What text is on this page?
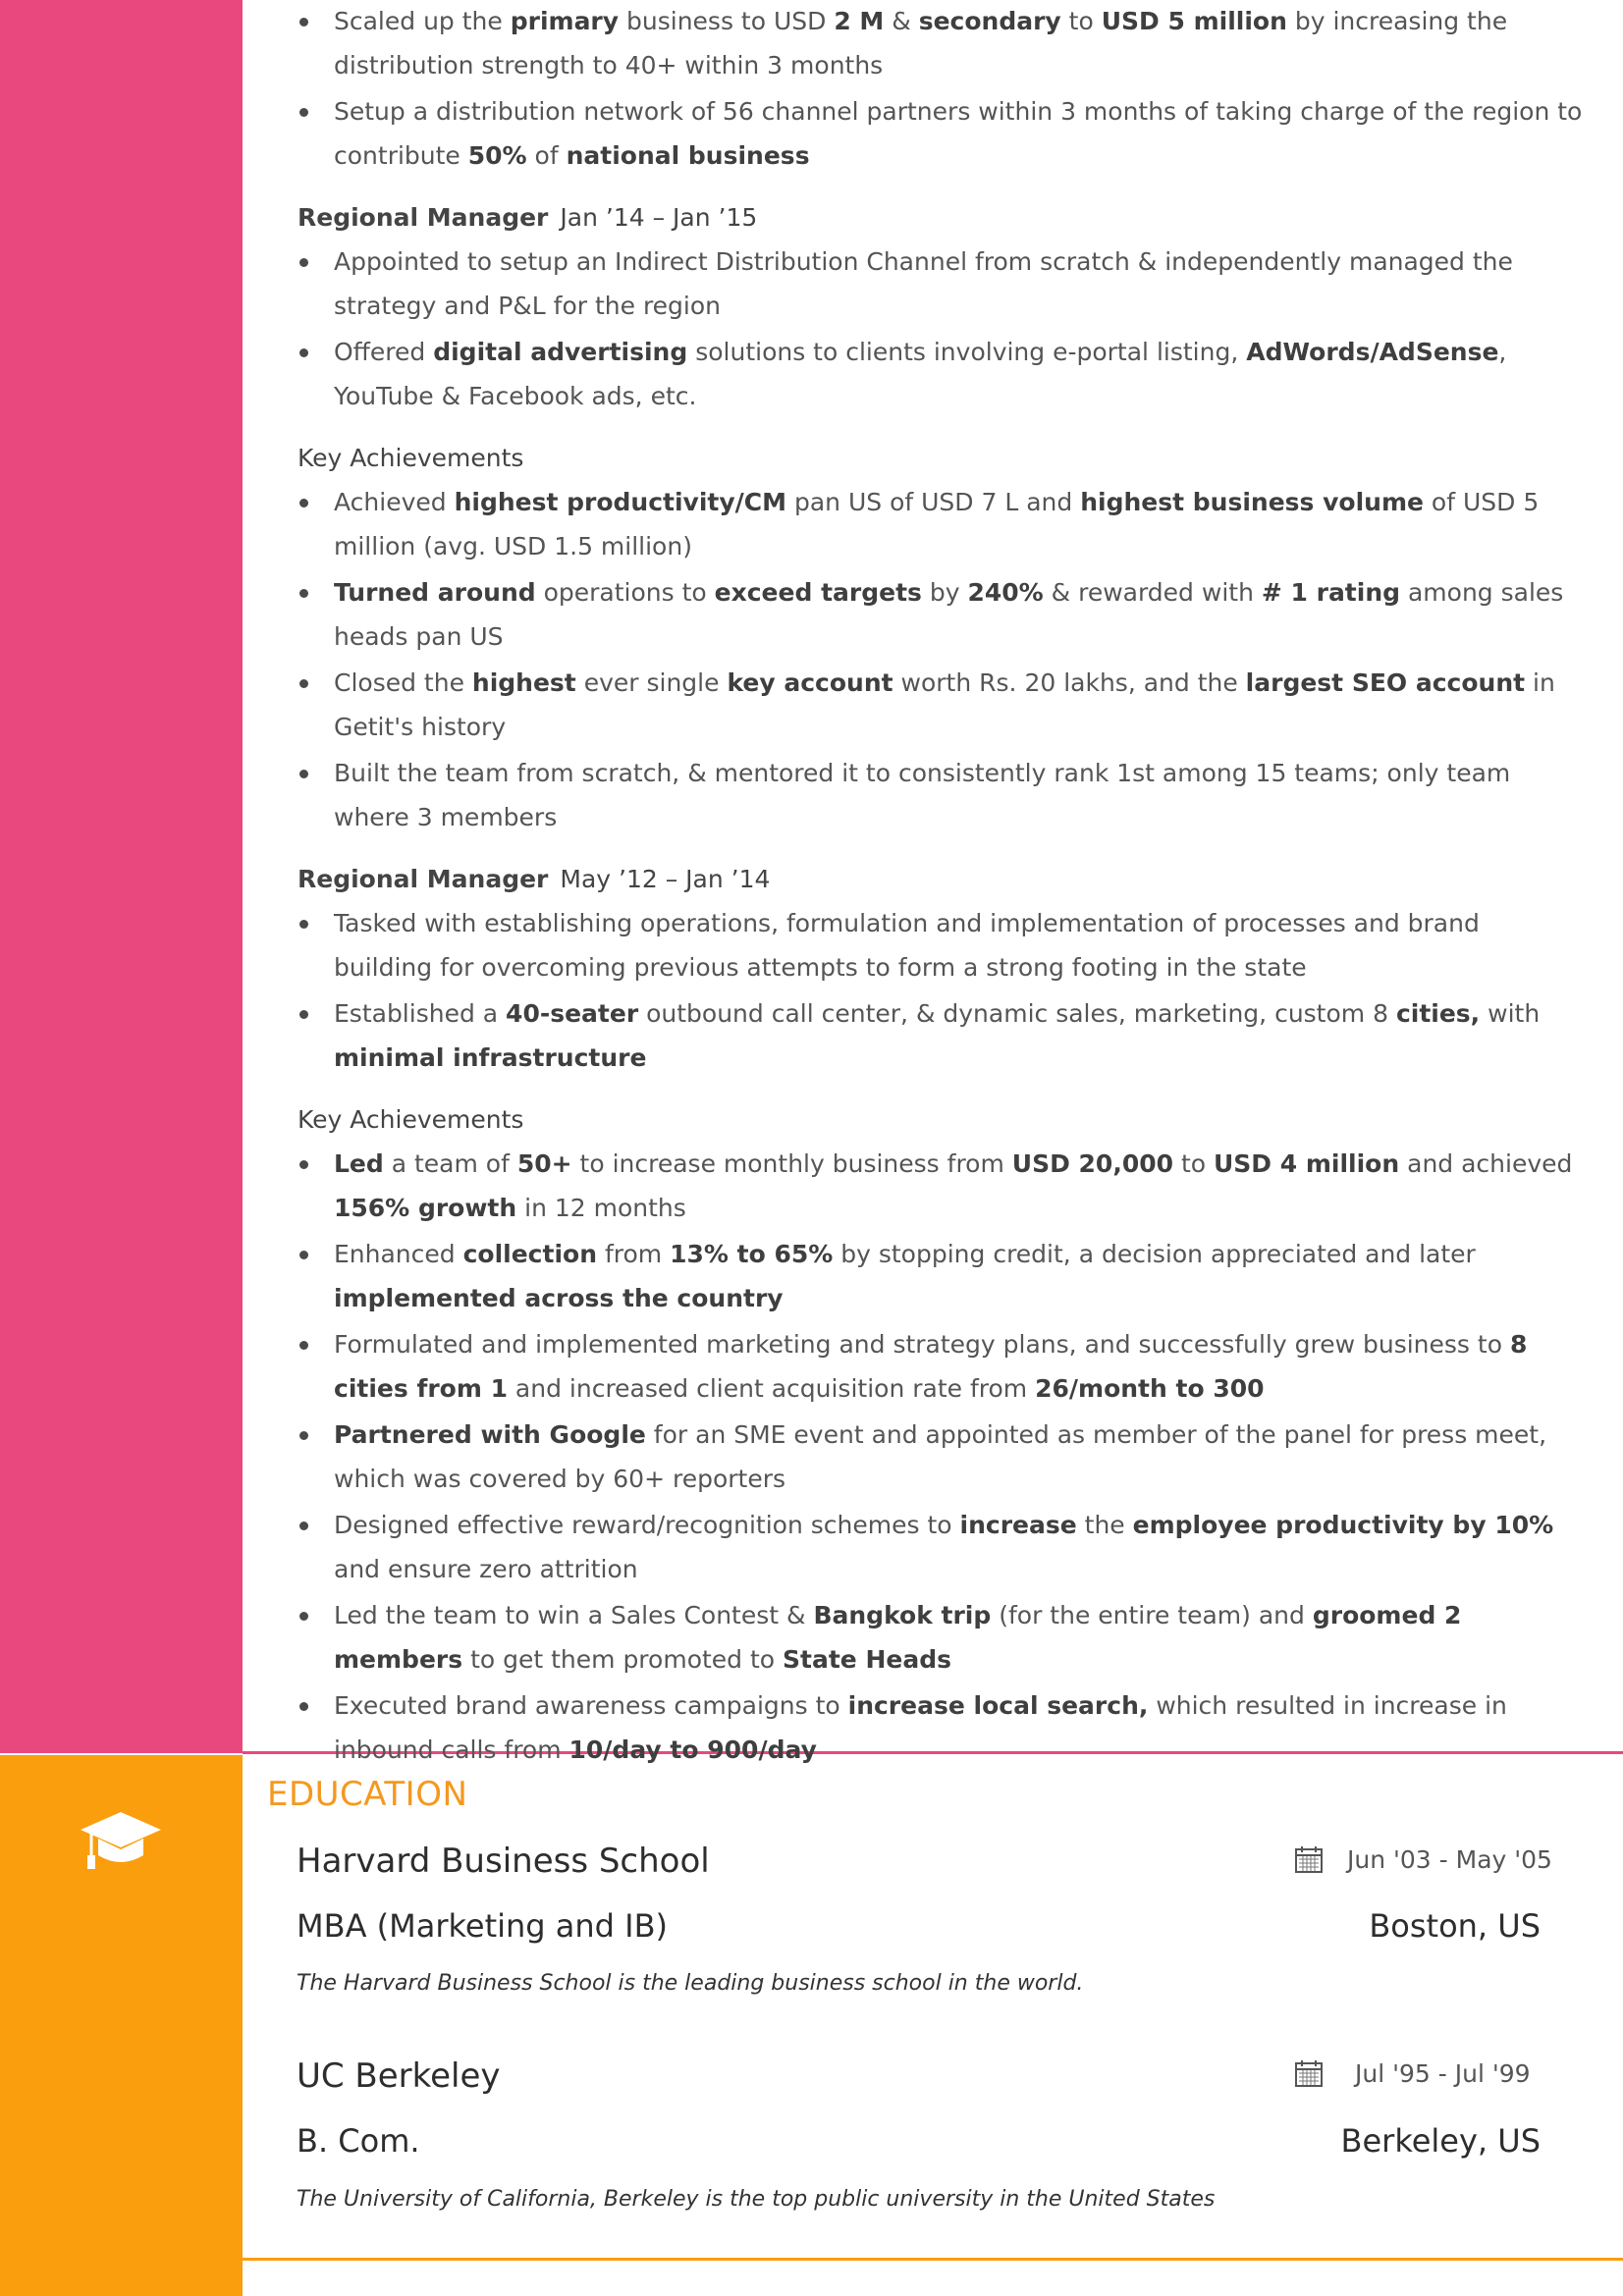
Scaled up the primary business to USD 2 M & secondary to USD 5 million by increasing the distribution strength to 40+ within 3 months
Setup a distribution network of 56 channel partners within 3 months of taking charge of the region to contribute 50% of national business
Regional Manager Jan ’14 – Jan ’15
Appointed to setup an Indirect Distribution Channel from scratch & independently managed the strategy and P&L for the region
Offered digital advertising solutions to clients involving e-portal listing, AdWords/AdSense, YouTube & Facebook ads, etc.
Key Achievements
Achieved highest productivity/CM pan US of USD 7 L and highest business volume of USD 5 million (avg. USD 1.5 million)
Turned around operations to exceed targets by 240% & rewarded with # 1 rating among sales heads pan US
Closed the highest ever single key account worth Rs. 20 lakhs, and the largest SEO account in Getit's history
Built the team from scratch, & mentored it to consistently rank 1st among 15 teams; only team where 3 members
Regional Manager May ’12 – Jan ’14
Tasked with establishing operations, formulation and implementation of processes and brand building for overcoming previous attempts to form a strong footing in the state
Established a 40-seater outbound call center, & dynamic sales, marketing, custom 8 cities, with minimal infrastructure
Key Achievements
Led a team of 50+ to increase monthly business from USD 20,000 to USD 4 million and achieved 156% growth in 12 months
Enhanced collection from 13% to 65% by stopping credit, a decision appreciated and later implemented across the country
Formulated and implemented marketing and strategy plans, and successfully grew business to 8 cities from 1 and increased client acquisition rate from 26/month to 300
Partnered with Google for an SME event and appointed as member of the panel for press meet, which was covered by 60+ reporters
Designed effective reward/recognition schemes to increase the employee productivity by 10% and ensure zero attrition
Led the team to win a Sales Contest & Bangkok trip (for the entire team) and groomed 2 members to get them promoted to State Heads
Executed brand awareness campaigns to increase local search, which resulted in increase in inbound calls from 10/day to 900/day
EDUCATION
Harvard Business School	Jun '03 - May '05
MBA (Marketing and IB)	Boston, US
The Harvard Business School is the leading business school in the world.
UC Berkeley	Jul '95 - Jul '99
B. Com.	Berkeley, US
The University of California, Berkeley is the top public university in the United States
